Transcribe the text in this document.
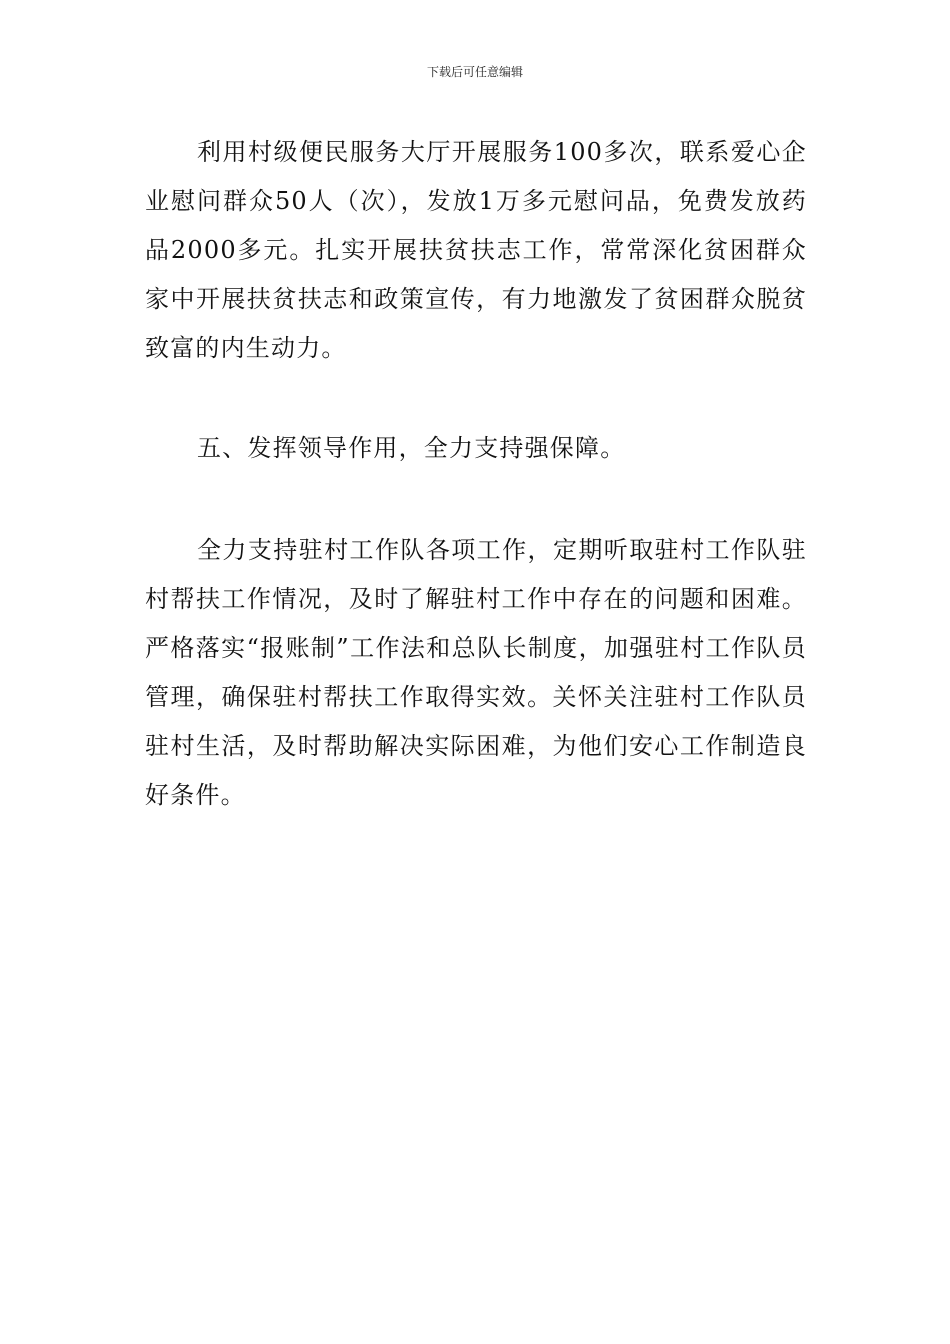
下载后可任意编辑

利用村级便民服务大厅开展服务100多次，联系爱心企业慰问群众50人（次），发放1万多元慰问品，免费发放药品2000多元。扎实开展扶贫扶志工作，常常深化贫困群众家中开展扶贫扶志和政策宣传，有力地激发了贫困群众脱贫致富的内生动力。

五、发挥领导作用，全力支持强保障。

全力支持驻村工作队各项工作，定期听取驻村工作队驻村帮扶工作情况，及时了解驻村工作中存在的问题和困难。严格落实“报账制”工作法和总队长制度，加强驻村工作队员管理，确保驻村帮扶工作取得实效。关怀关注驻村工作队员驻村生活，及时帮助解决实际困难，为他们安心工作制造良好条件。
